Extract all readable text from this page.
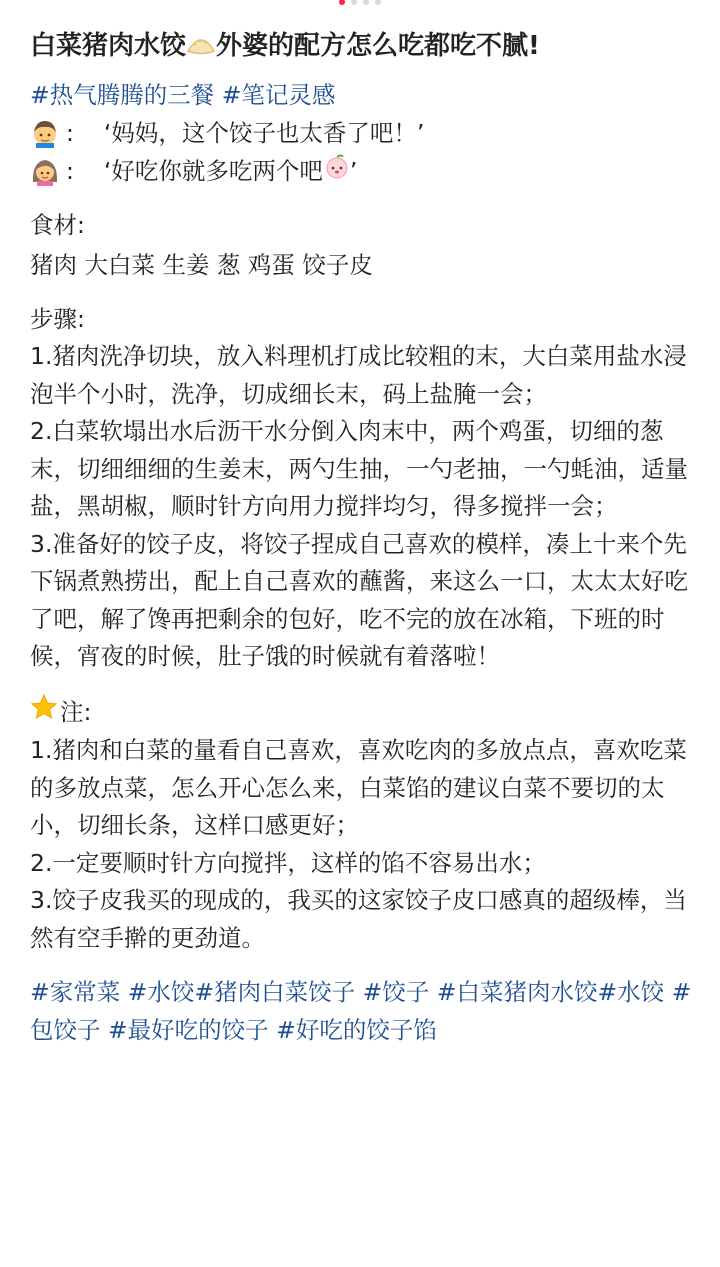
白菜猪肉水饺 外婆的配方怎么吃都吃不腻!
#热气腾腾的三餐 #笔记灵感
: ‘妈妈，这个饺子也太香了吧！’
: ‘好吃你就多吃两个吧 ’
食材:
猪肉 大白菜 生姜 葱 鸡蛋 饺子皮
步骤:

1.猪肉洗净切块，放入料理机打成比较粗的末，大白菜用盐水浸泡半个小时，洗净，切成细长末，码上盐腌一会；

2.白菜软塌出水后沥干水分倒入肉末中，两个鸡蛋，切细的葱末，切细细细的生姜末，两勺生抽，一勺老抽，一勺蚝油，适量盐，黑胡椒，顺时针方向用力搅拌均匀，得多搅拌一会；

3.准备好的饺子皮，将饺子捏成自己喜欢的模样，凑上十来个先下锅煮熟捞出，配上自己喜欢的蘸酱，来这么一口，太太太好吃了吧，解了馋再把剩余的包好，吃不完的放在冰箱，下班的时候，宵夜的时候，肚子饿的时候就有着落啦！

注:

1.猪肉和白菜的量看自己喜欢，喜欢吃肉的多放点点，喜欢吃菜的多放点菜，怎么开心怎么来，白菜馅的建议白菜不要切的太小，切细长条，这样口感更好；

2.一定要顺时针方向搅拌，这样的馅不容易出水；

3.饺子皮我买的现成的，我买的这家饺子皮口感真的超级棒，当然有空手擀的更劲道。

#家常菜 #水饺#猪肉白菜饺子 #饺子 #白菜猪肉水饺#水饺 #包饺子 #最好吃的饺子 #好吃的饺子馅
